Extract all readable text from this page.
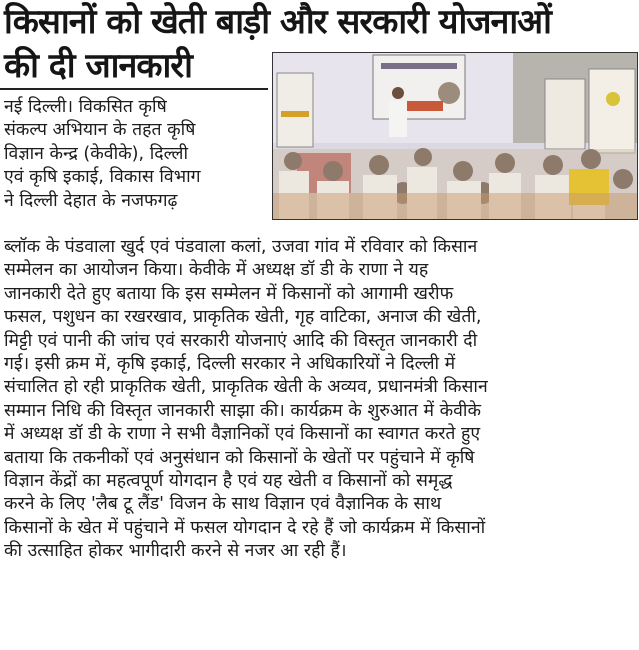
किसानों को खेती बाड़ी और सरकारी योजनाओं
की दी जानकारी
नई दिल्ली। विकसित कृषि
संकल्प अभियान के तहत कृषि
विज्ञान केन्द्र (केवीके), दिल्ली
एवं कृषि इकाई, विकास विभाग
ने दिल्ली देहात के नजफगढ़
ब्लॉक के पंडवाला खुर्द एवं पंडवाला कलां, उजवा गांव में रविवार को किसान
सम्मेलन का आयोजन किया। केवीके में अध्यक्ष डॉ डी के राणा ने यह
जानकारी देते हुए बताया कि इस सम्मेलन में किसानों को आगामी खरीफ
फसल, पशुधन का रखरखाव, प्राकृतिक खेती, गृह वाटिका, अनाज की खेती,
मिट्टी एवं पानी की जांच एवं सरकारी योजनाएं आदि की विस्तृत जानकारी दी
गई। इसी क्रम में, कृषि इकाई, दिल्ली सरकार ने अधिकारियों ने दिल्ली में
संचालित हो रही प्राकृतिक खेती, प्राकृतिक खेती के अव्यव, प्रधानमंत्री किसान
सम्मान निधि की विस्तृत जानकारी साझा की। कार्यक्रम के शुरुआत में केवीके
में अध्यक्ष डॉ डी के राणा ने सभी वैज्ञानिकों एवं किसानों का स्वागत करते हुए
बताया कि तकनीकों एवं अनुसंधान को किसानों के खेतों पर पहुंचाने में कृषि
विज्ञान केंद्रों का महत्वपूर्ण योगदान है एवं यह खेती व किसानों को समृद्ध
करने के लिए 'लैब टू लैंड' विजन के साथ विज्ञान एवं वैज्ञानिक के साथ
किसानों के खेत में पहुंचाने में फसल योगदान दे रहे हैं जो कार्यक्रम में किसानों
की उत्साहित होकर भागीदारी करने से नजर आ रही हैं।
